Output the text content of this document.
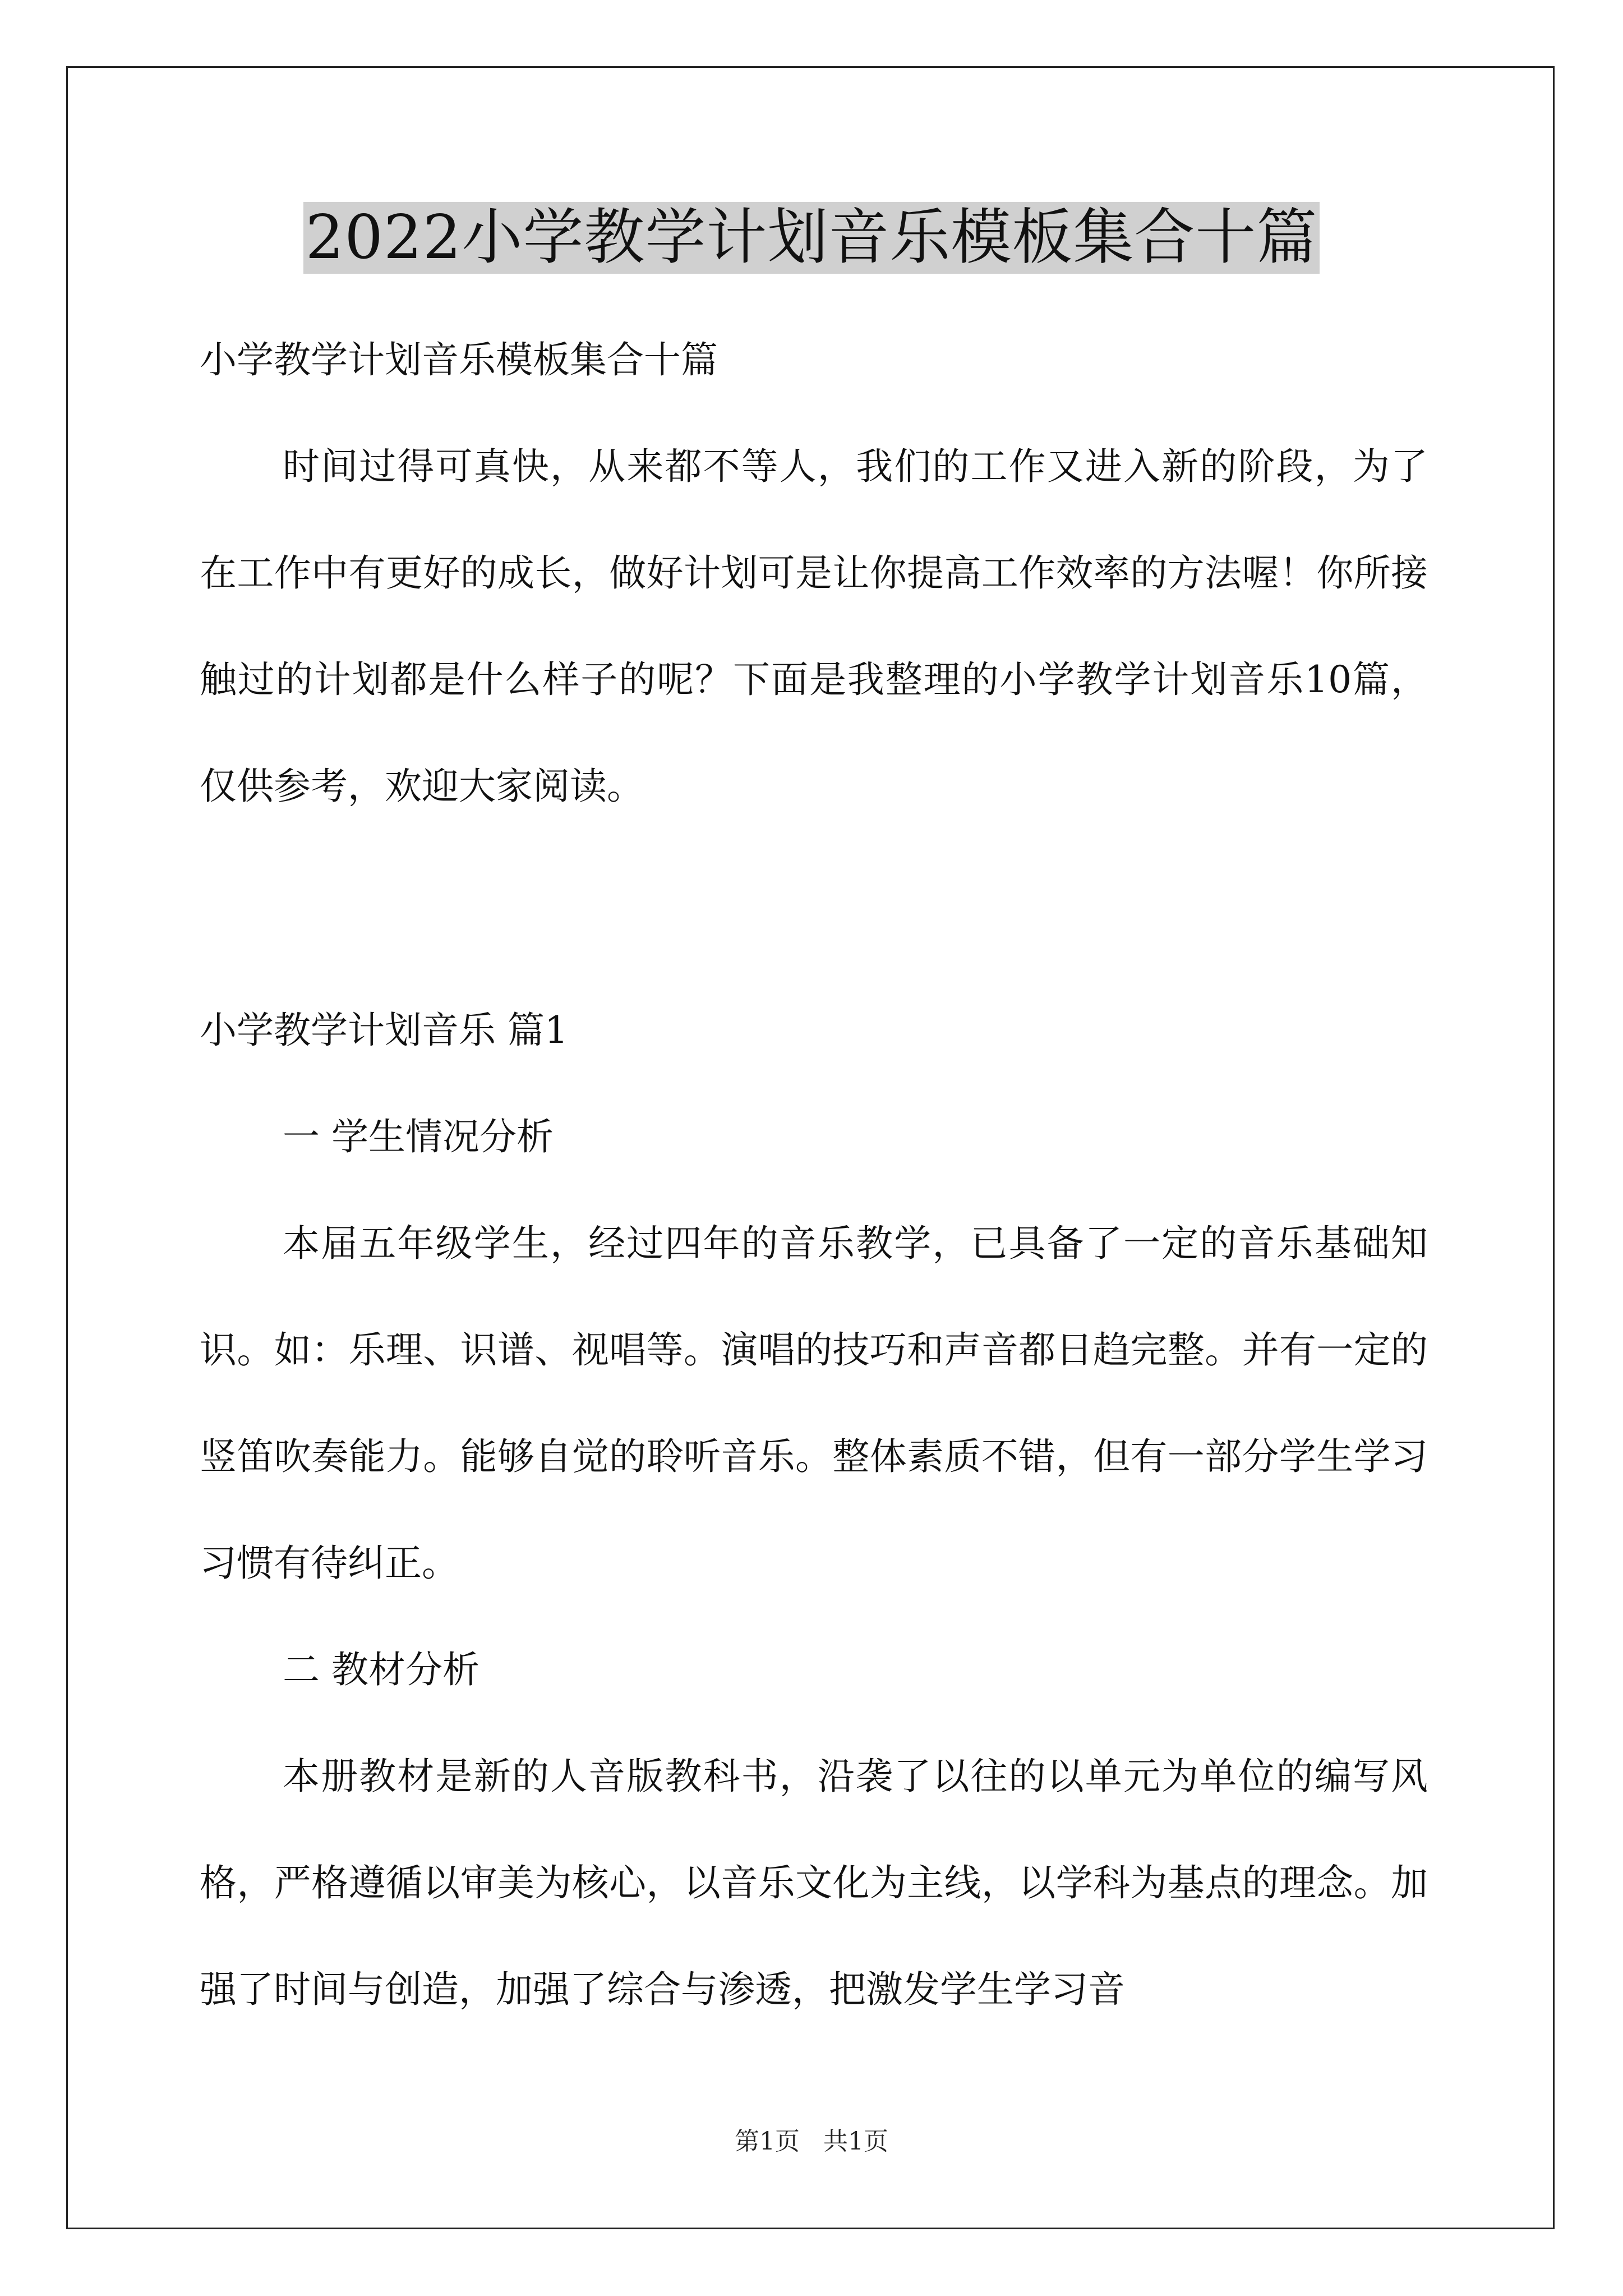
2022小学教学计划音乐模板集合十篇

小学教学计划音乐模板集合十篇

时间过得可真快，从来都不等人，我们的工作又进入新的阶段，为了在工作中有更好的成长，做好计划可是让你提高工作效率的方法喔！你所接触过的计划都是什么样子的呢？下面是我整理的小学教学计划音乐10篇，仅供参考，欢迎大家阅读。

小学教学计划音乐 篇1

一 学生情况分析

本届五年级学生，经过四年的音乐教学，已具备了一定的音乐基础知识。如：乐理、识谱、视唱等。演唱的技巧和声音都日趋完整。并有一定的竖笛吹奏能力。能够自觉的聆听音乐。整体素质不错，但有一部分学生学习习惯有待纠正。

二 教材分析

本册教材是新的人音版教科书，沿袭了以往的以单元为单位的编写风格，严格遵循以审美为核心，以音乐文化为主线，以学科为基点的理念。加强了时间与创造，加强了综合与渗透，把激发学生学习音

第1页   共1页
